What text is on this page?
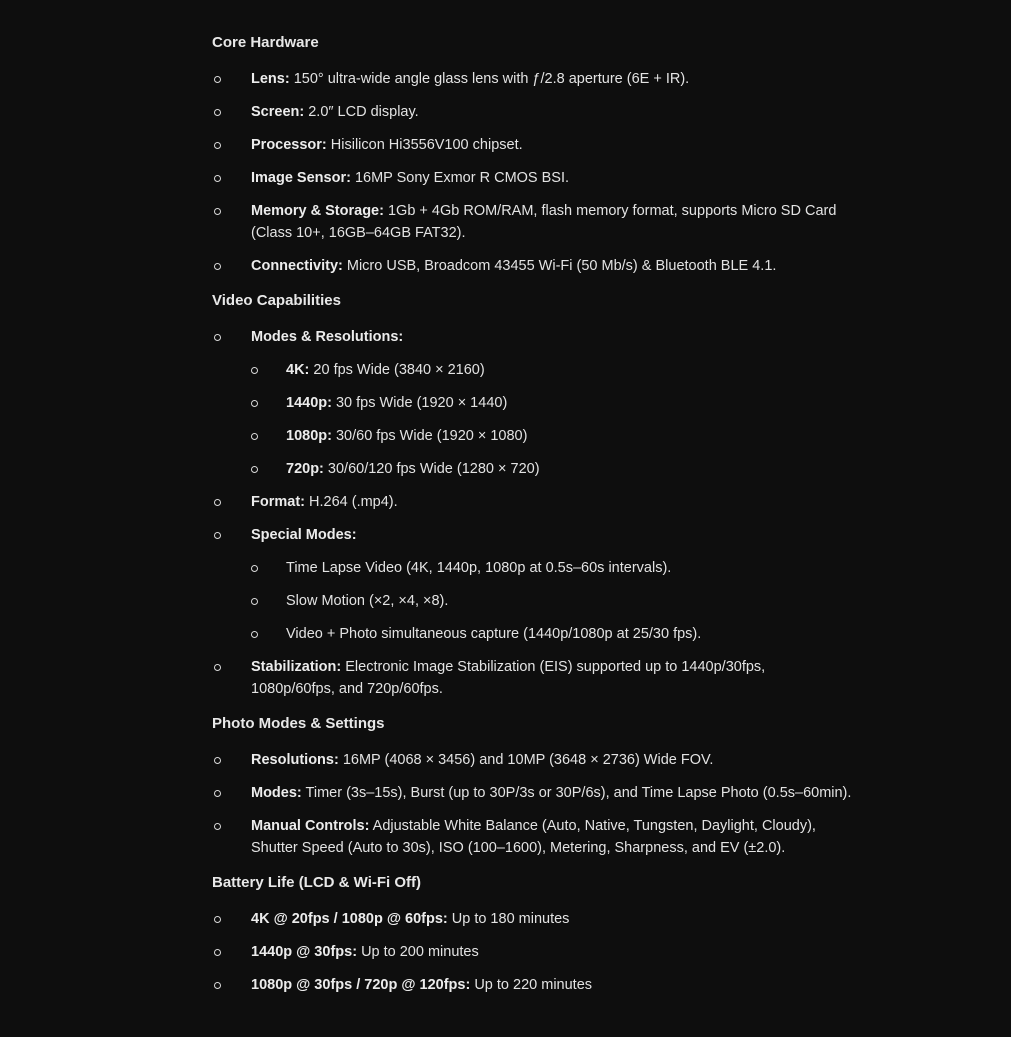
Core Hardware
Lens: 150° ultra-wide angle glass lens with ƒ/2.8 aperture (6E + IR).
Screen: 2.0″ LCD display.
Processor: Hisilicon Hi3556V100 chipset.
Image Sensor: 16MP Sony Exmor R CMOS BSI.
Memory & Storage: 1Gb + 4Gb ROM/RAM, flash memory format, supports Micro SD Card (Class 10+, 16GB–64GB FAT32).
Connectivity: Micro USB, Broadcom 43455 Wi-Fi (50 Mb/s) & Bluetooth BLE 4.1.
Video Capabilities
Modes & Resolutions:
4K: 20 fps Wide (3840 × 2160)
1440p: 30 fps Wide (1920 × 1440)
1080p: 30/60 fps Wide (1920 × 1080)
720p: 30/60/120 fps Wide (1280 × 720)
Format: H.264 (.mp4).
Special Modes:
Time Lapse Video (4K, 1440p, 1080p at 0.5s–60s intervals).
Slow Motion (×2, ×4, ×8).
Video + Photo simultaneous capture (1440p/1080p at 25/30 fps).
Stabilization: Electronic Image Stabilization (EIS) supported up to 1440p/30fps, 1080p/60fps, and 720p/60fps.
Photo Modes & Settings
Resolutions: 16MP (4068 × 3456) and 10MP (3648 × 2736) Wide FOV.
Modes: Timer (3s–15s), Burst (up to 30P/3s or 30P/6s), and Time Lapse Photo (0.5s–60min).
Manual Controls: Adjustable White Balance (Auto, Native, Tungsten, Daylight, Cloudy), Shutter Speed (Auto to 30s), ISO (100–1600), Metering, Sharpness, and EV (±2.0).
Battery Life (LCD & Wi-Fi Off)
4K @ 20fps / 1080p @ 60fps: Up to 180 minutes
1440p @ 30fps: Up to 200 minutes
1080p @ 30fps / 720p @ 120fps: Up to 220 minutes
